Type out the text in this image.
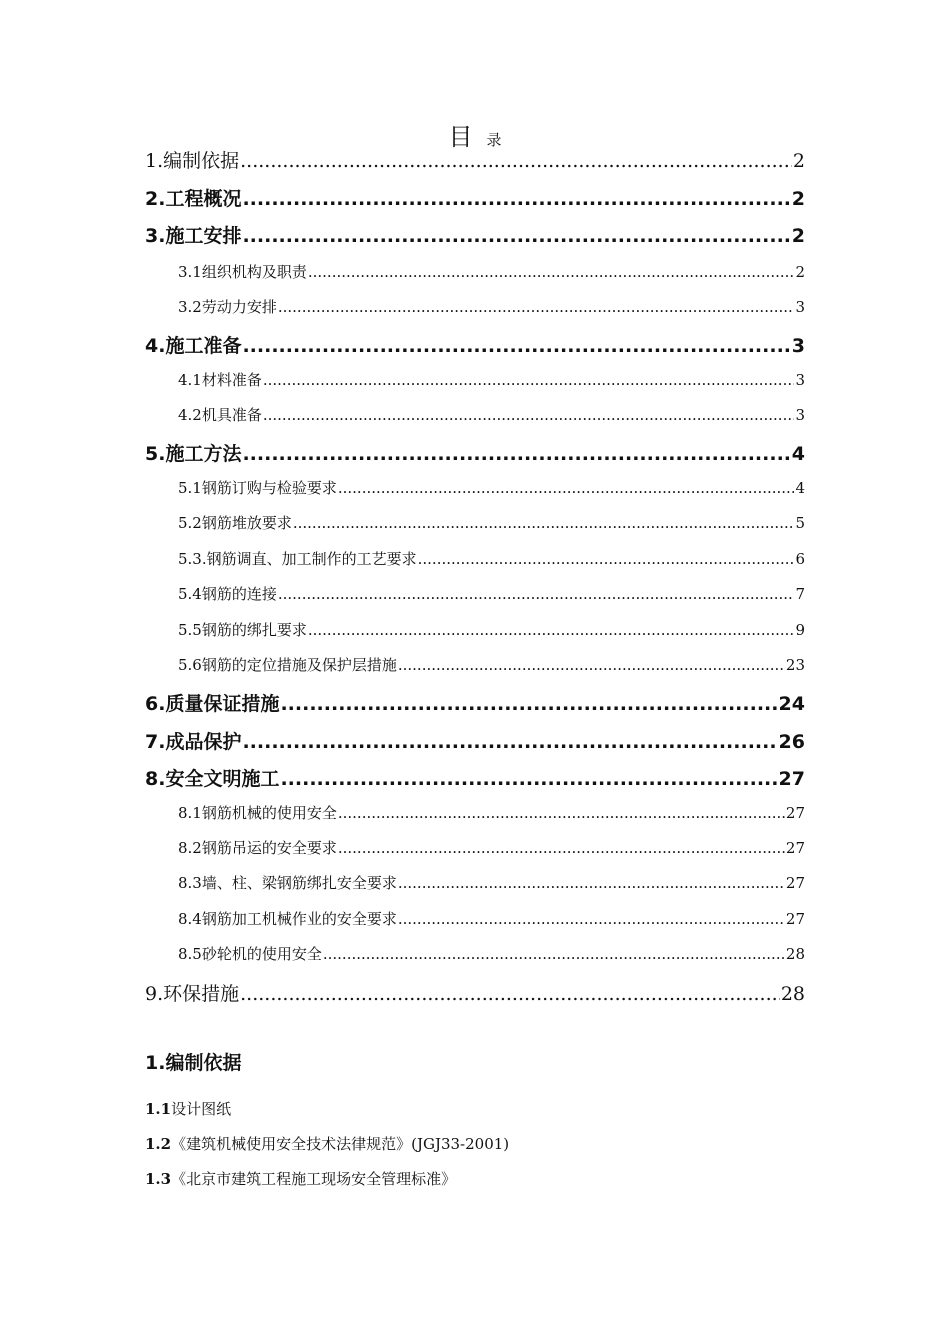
目录
1.编制依据 .....	2
2.工程概况 .....	2
3.施工安排 .....	2
3.1组织机构及职责 .....	2
3.2劳动力安排 .....	3
4.施工准备 .....	3
4.1材料准备 .....	3
4.2机具准备 .....	3
5.施工方法 .....	4
5.1钢筋订购与检验要求 .....	4
5.2钢筋堆放要求 .....	5
5.3.钢筋调直、加工制作的工艺要求 .....	6
5.4钢筋的连接 .....	7
5.5钢筋的绑扎要求 .....	9
5.6钢筋的定位措施及保护层措施 .....	23
6.质量保证措施 .....	24
7.成品保护 .....	26
8.安全文明施工 .....	27
8.1钢筋机械的使用安全 .....	27
8.2钢筋吊运的安全要求 .....	27
8.3墙、柱、梁钢筋绑扎安全要求 .....	27
8.4钢筋加工机械作业的安全要求 .....	27
8.5砂轮机的使用安全 .....	28
9.环保措施 .....	28
1.编制依据
1.1设计图纸
1.2《建筑机械使用安全技术法律规范》(JGJ33-2001)
1.3《北京市建筑工程施工现场安全管理标准》
